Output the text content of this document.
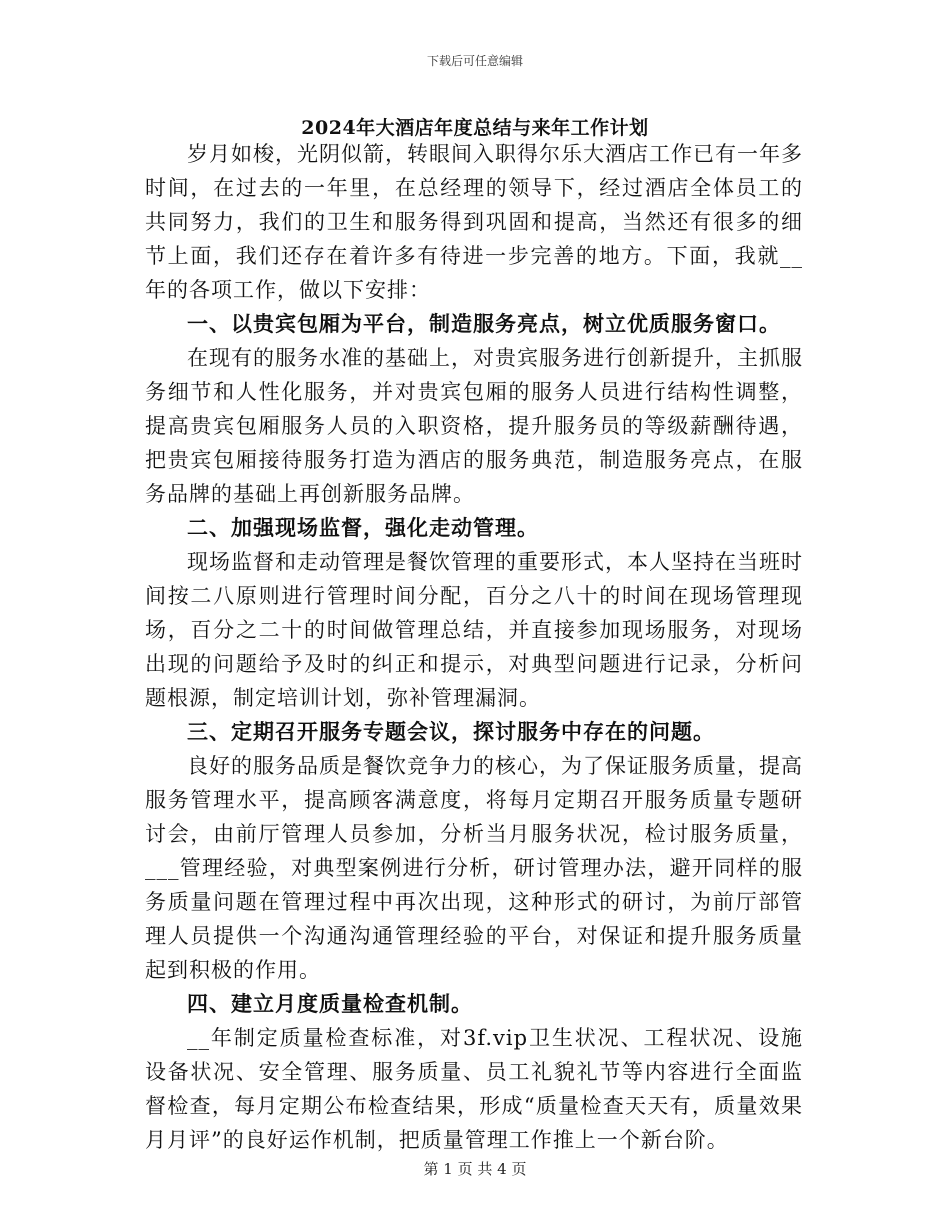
下载后可任意编辑
2024年大酒店年度总结与来年工作计划

岁月如梭，光阴似箭，转眼间入职得尔乐大酒店工作已有一年多时间，在过去的一年里，在总经理的领导下，经过酒店全体员工的共同努力，我们的卫生和服务得到巩固和提高，当然还有很多的细节上面，我们还存在着许多有待进一步完善的地方。下面，我就__年的各项工作，做以下安排：

一、以贵宾包厢为平台，制造服务亮点，树立优质服务窗口。

在现有的服务水准的基础上，对贵宾服务进行创新提升，主抓服务细节和人性化服务，并对贵宾包厢的服务人员进行结构性调整，提高贵宾包厢服务人员的入职资格，提升服务员的等级薪酬待遇，把贵宾包厢接待服务打造为酒店的服务典范，制造服务亮点，在服务品牌的基础上再创新服务品牌。

二、加强现场监督，强化走动管理。

现场监督和走动管理是餐饮管理的重要形式，本人坚持在当班时间按二八原则进行管理时间分配，百分之八十的时间在现场管理现场，百分之二十的时间做管理总结，并直接参加现场服务，对现场出现的问题给予及时的纠正和提示，对典型问题进行记录，分析问题根源，制定培训计划，弥补管理漏洞。

三、定期召开服务专题会议，探讨服务中存在的问题。

良好的服务品质是餐饮竞争力的核心，为了保证服务质量，提高服务管理水平，提高顾客满意度，将每月定期召开服务质量专题研讨会，由前厅管理人员参加，分析当月服务状况，检讨服务质量，___管理经验，对典型案例进行分析，研讨管理办法，避开同样的服务质量问题在管理过程中再次出现，这种形式的研讨，为前厅部管理人员提供一个沟通沟通管理经验的平台，对保证和提升服务质量起到积极的作用。

四、建立月度质量检查机制。

__年制定质量检查标准，对3f.vip卫生状况、工程状况、设施设备状况、安全管理、服务质量、员工礼貌礼节等内容进行全面监督检查，每月定期公布检查结果，形成“质量检查天天有，质量效果月月评”的良好运作机制，把质量管理工作推上一个新台阶。

第 1 页 共 4 页
